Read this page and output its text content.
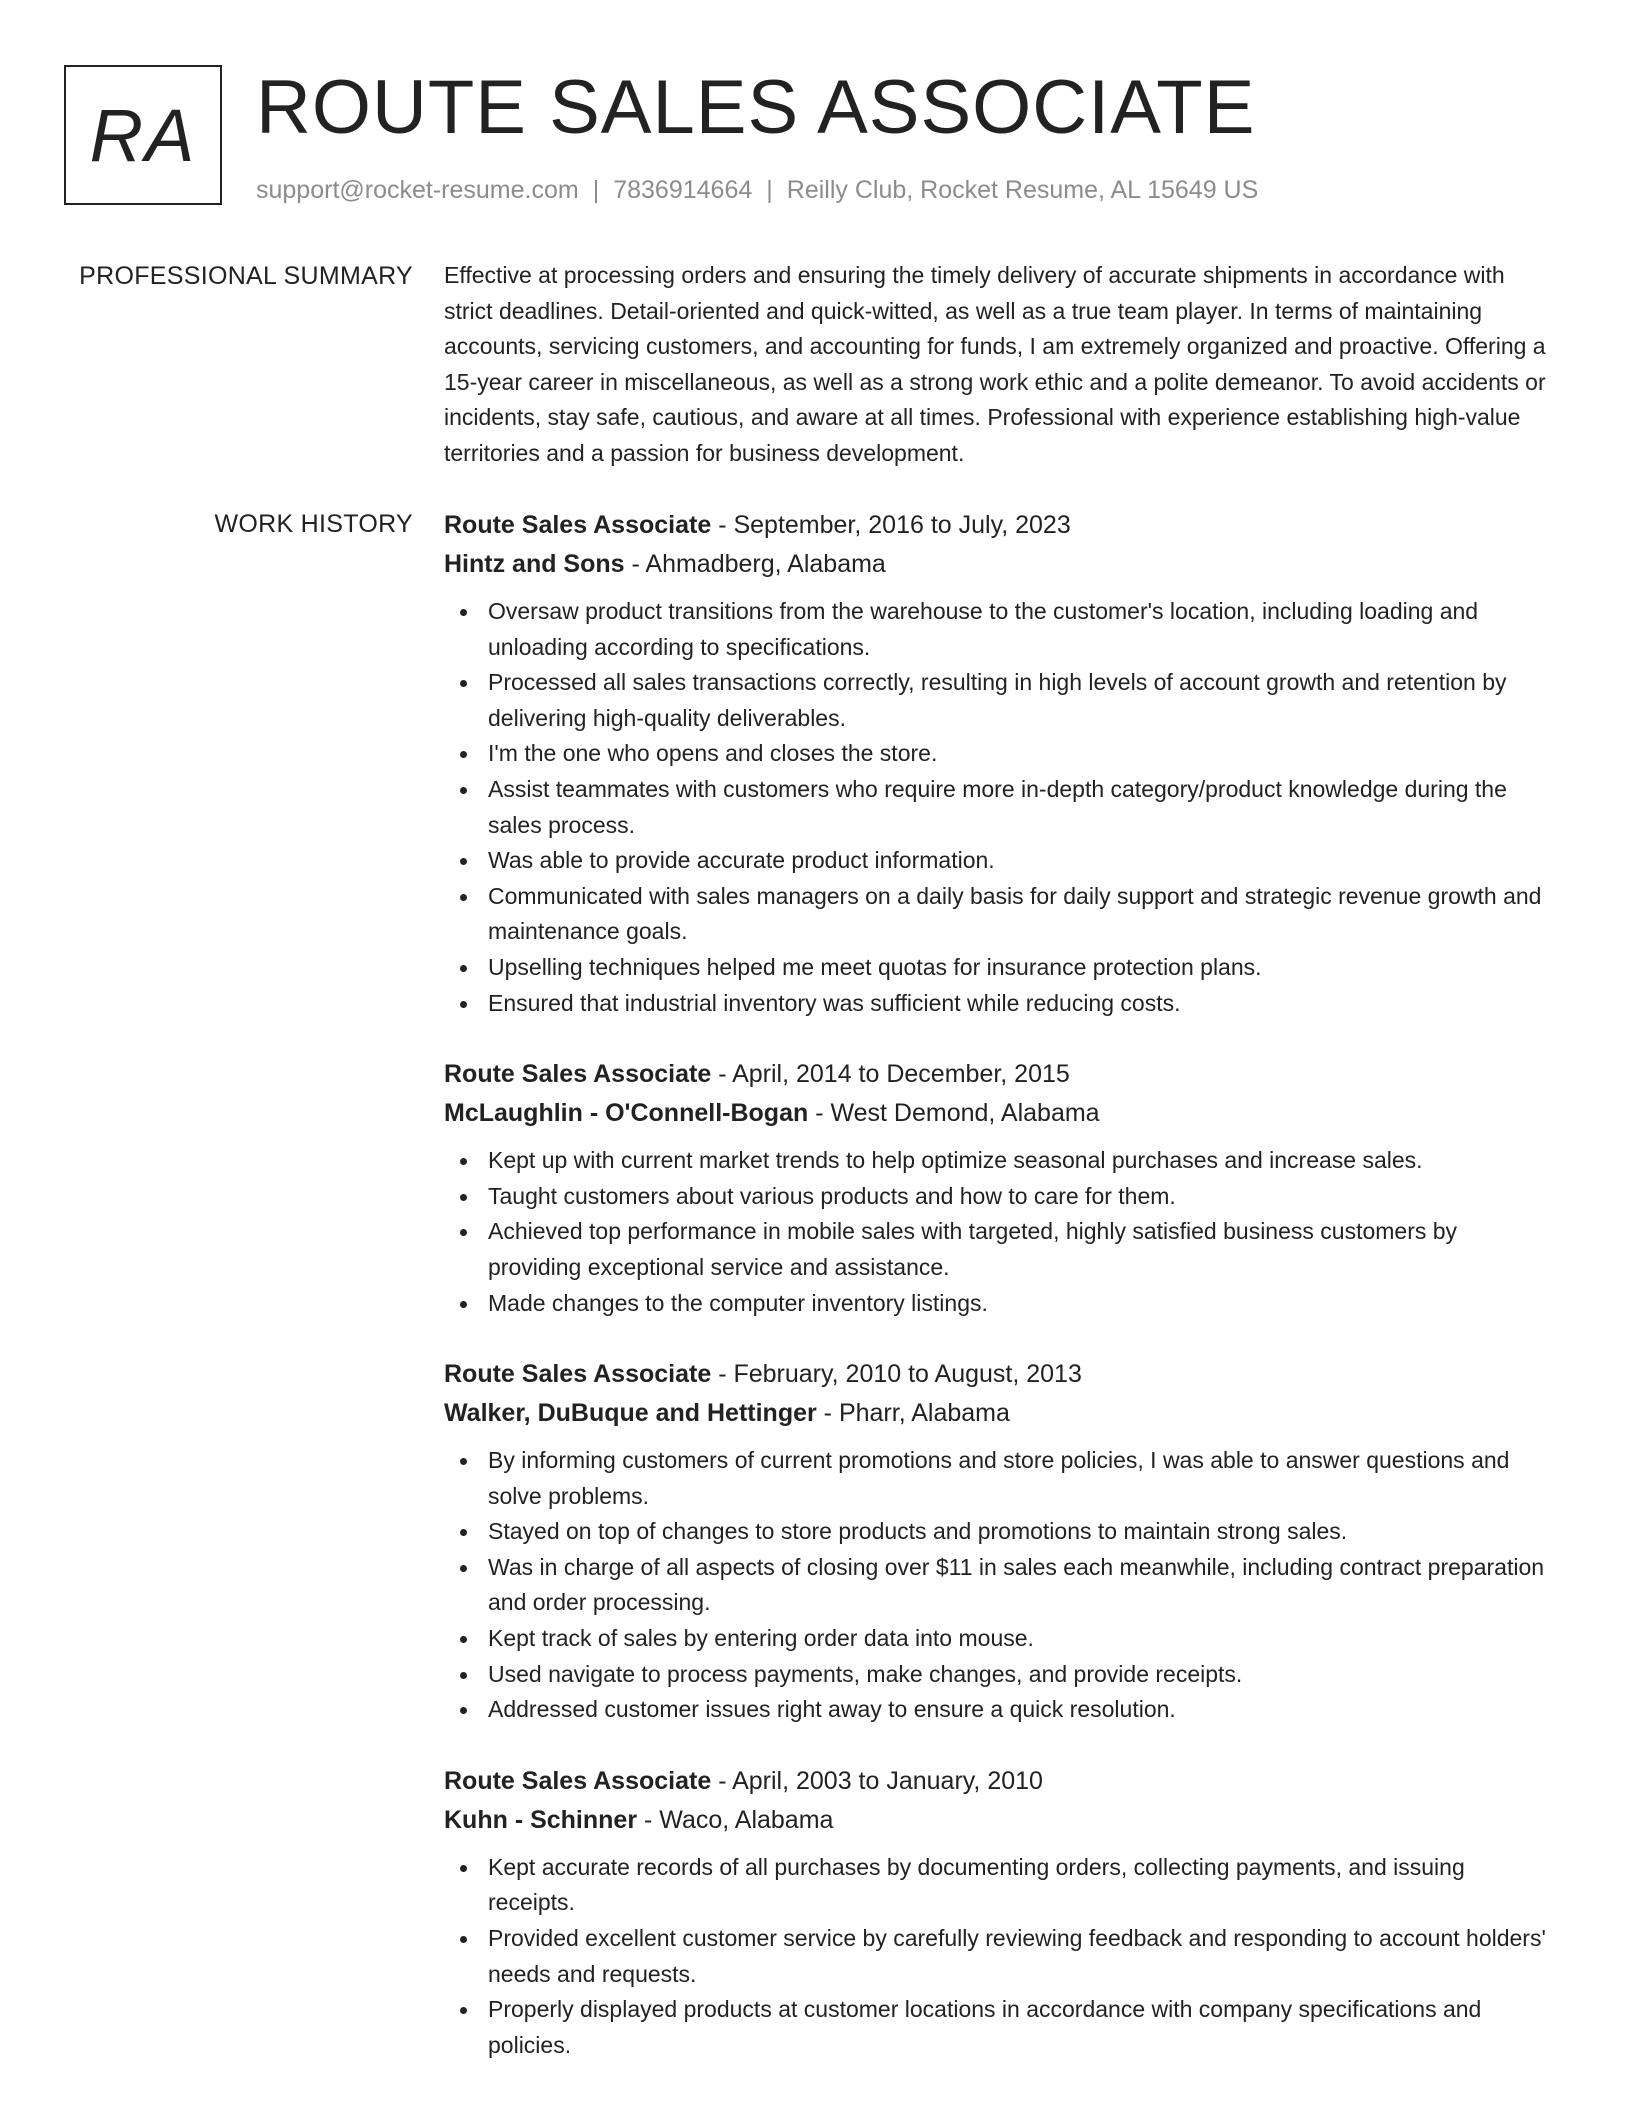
RA ROUTE SALES ASSOCIATE
support@rocket-resume.com | 7836914664 | Reilly Club, Rocket Resume, AL 15649 US
PROFESSIONAL SUMMARY Effective at processing orders and ensuring the timely delivery of accurate shipments in accordance with strict deadlines. Detail-oriented and quick-witted, as well as a true team player. In terms of maintaining accounts, servicing customers, and accounting for funds, I am extremely organized and proactive. Offering a 15-year career in miscellaneous, as well as a strong work ethic and a polite demeanor. To avoid accidents or incidents, stay safe, cautious, and aware at all times. Professional with experience establishing high-value territories and a passion for business development.

WORK HISTORY Route Sales Associate - September, 2016 to July, 2023
Hintz and Sons - Ahmadberg, Alabama
Oversaw product transitions from the warehouse to the customer's location, including loading and unloading according to specifications.
Processed all sales transactions correctly, resulting in high levels of account growth and retention by delivering high-quality deliverables.
I'm the one who opens and closes the store.
Assist teammates with customers who require more in-depth category/product knowledge during the sales process.
Was able to provide accurate product information.
Communicated with sales managers on a daily basis for daily support and strategic revenue growth and maintenance goals.
Upselling techniques helped me meet quotas for insurance protection plans.
Ensured that industrial inventory was sufficient while reducing costs.
Route Sales Associate - April, 2014 to December, 2015
McLaughlin - O'Connell-Bogan - West Demond, Alabama
Kept up with current market trends to help optimize seasonal purchases and increase sales.
Taught customers about various products and how to care for them.
Achieved top performance in mobile sales with targeted, highly satisfied business customers by providing exceptional service and assistance.
Made changes to the computer inventory listings.
Route Sales Associate - February, 2010 to August, 2013
Walker, DuBuque and Hettinger - Pharr, Alabama
By informing customers of current promotions and store policies, I was able to answer questions and solve problems.
Stayed on top of changes to store products and promotions to maintain strong sales.
Was in charge of all aspects of closing over $11 in sales each meanwhile, including contract preparation and order processing.
Kept track of sales by entering order data into mouse.
Used navigate to process payments, make changes, and provide receipts.
Addressed customer issues right away to ensure a quick resolution.
Route Sales Associate - April, 2003 to January, 2010
Kuhn - Schinner - Waco, Alabama
Kept accurate records of all purchases by documenting orders, collecting payments, and issuing receipts.
Provided excellent customer service by carefully reviewing feedback and responding to account holders' needs and requests.
Properly displayed products at customer locations in accordance with company specifications and policies.
